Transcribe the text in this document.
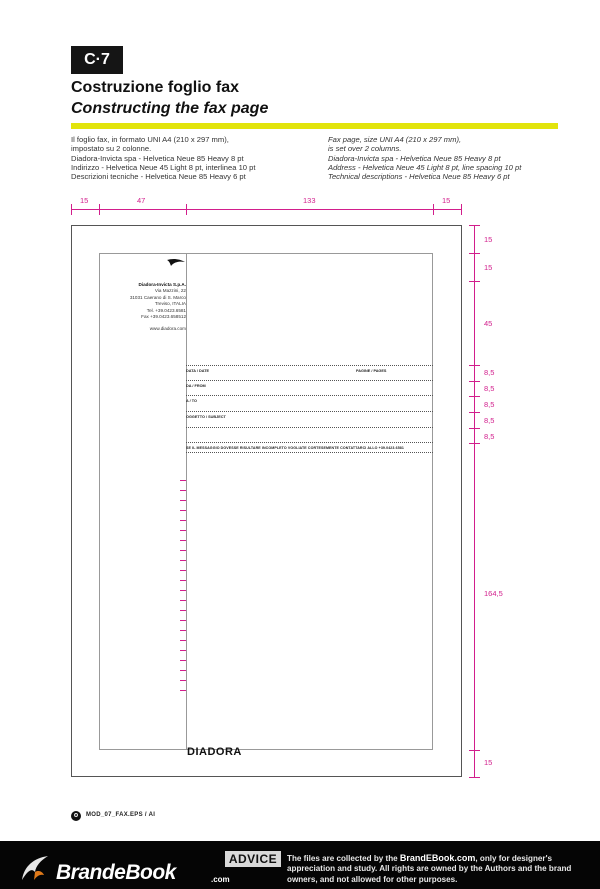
C·7
Costruzione foglio fax
Constructing the fax page
Il foglio fax, in formato UNI A4 (210 x 297 mm),
impostato su 2 colonne.
Diadora-Invicta spa - Helvetica Neue 85 Heavy 8 pt
Indirizzo - Helvetica Neue 45 Light 8 pt, interlinea 10 pt
Descrizioni tecniche - Helvetica Neue 85 Heavy 6 pt
Fax page, size UNI A4 (210 x 297 mm),
is set over 2 columns.
Diadora-Invicta spa - Helvetica Neue 85 Heavy 8 pt
Address - Helvetica Neue 45 Light 8 pt, line spacing 10 pt
Technical descriptions - Helvetica Neue 85 Heavy 6 pt
15	47	133	15
15
15
45
8,5
8,5
8,5
8,5
8,5
164,5
15
Diadora-Invicta S.p.A.
Via Mazzini, 22
31031 Caerano di S. Marco
Treviso, ITALIA
Tel. +39.0423.6581
Fax +39.0423.658512
www.diadora.com
DATA / DATE	PAGINE / PAGES
DA / FROM
A / TO
OGGETTO / SUBJECT
SE IL MESSAGGIO DOVESSE RISULTARE INCOMPLETO VOGLIATE CORTESEMENTE CONTATTARCI ALLO +39.0423.6581
DIADORA
o	MOD_07_FAX.EPS / AI
BrandeBook	.com
ADVICE	The files are collected by the BrandEBook.com, only for designer's appreciation and study. All rights are owned by the Authors and the brand owners, and not allowed for other purposes.
